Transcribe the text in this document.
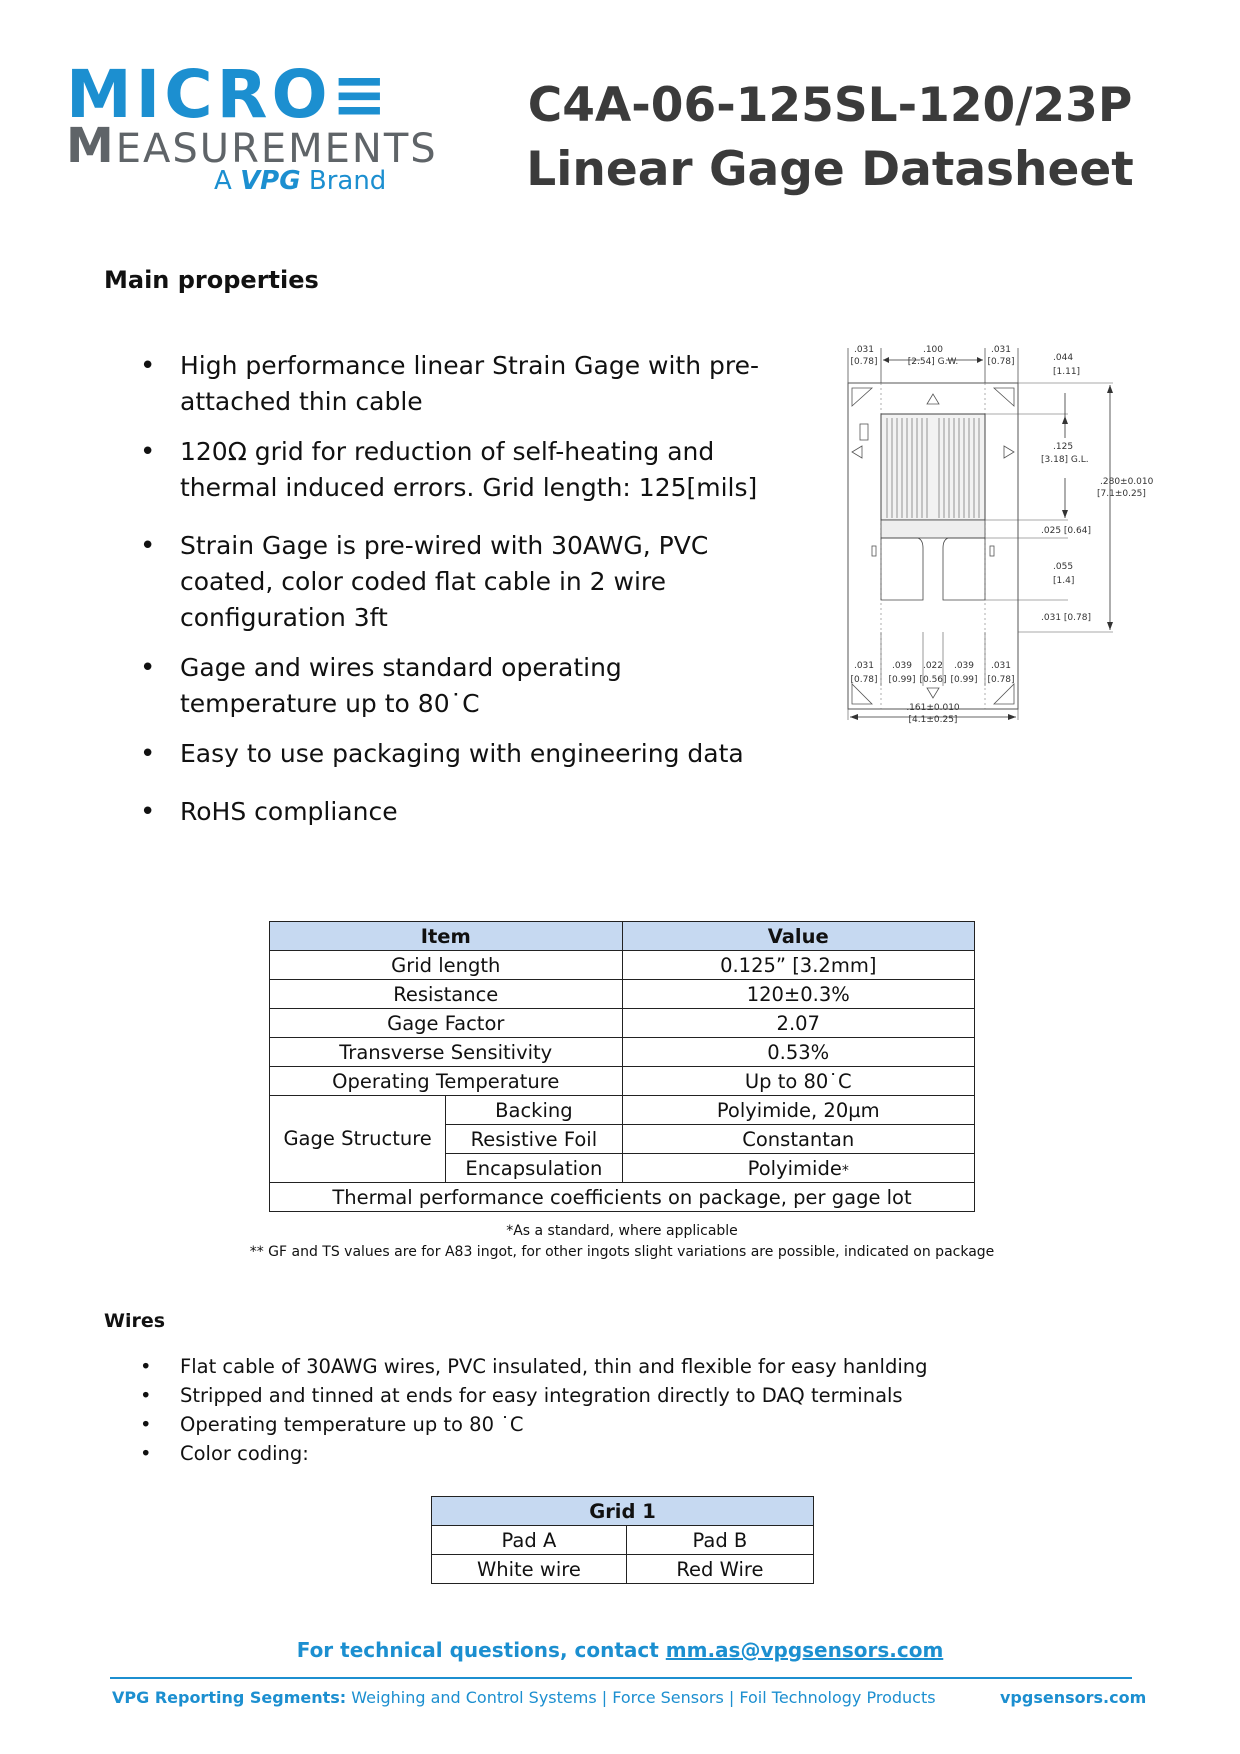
MICRO≡
MEASUREMENTS
A VPG Brand
C4A-06-125SL-120/23P
Linear Gage Datasheet
Main properties
• High performance linear Strain Gage with pre-attached thin cable
• 120Ω grid for reduction of self-heating and thermal induced errors. Grid length: 125[mils]
• Strain Gage is pre-wired with 30AWG, PVC coated, color coded flat cable in 2 wire configuration 3ft
• Gage and wires standard operating temperature up to 80˙C
• Easy to use packaging with engineering data
• RoHS compliance
.031
[0.78]
.100
[2.54] G.W.
.031
[0.78]	.044
[1.11]
.125
[3.18] G.L.
.280±0.010
[7.1±0.25]
.025 [0.64]
.055
[1.4]
.031 [0.78]
.031
[0.78]
.039
[0.99]
.022
[0.56]
.039
[0.99]
.031
[0.78]
.161±0.010
[4.1±0.25]
Item		Value
Grid length		0.125” [3.2mm]
Resistance		120±0.3%
Gage Factor		2.07
Transverse Sensitivity		0.53%
Operating Temperature		Up to 80˙C
Gage Structure	Backing	Polyimide, 20µm
	Resistive Foil	Constantan
	Encapsulation	Polyimide*
Thermal performance coefficients on package, per gage lot		
*As a standard, where applicable
** GF and TS values are for A83 ingot, for other ingots slight variations are possible, indicated on package
Wires
• Flat cable of 30AWG wires, PVC insulated, thin and flexible for easy hanlding
• Stripped and tinned at ends for easy integration directly to DAQ terminals
• Operating temperature up to 80 ˙C
• Color coding:
Grid 1	
Pad A	Pad B
White wire	Red Wire
For technical questions, contact mm.as@vpgsensors.com
VPG Reporting Segments: Weighing and Control Systems | Force Sensors | Foil Technology Products	vpgsensors.com
